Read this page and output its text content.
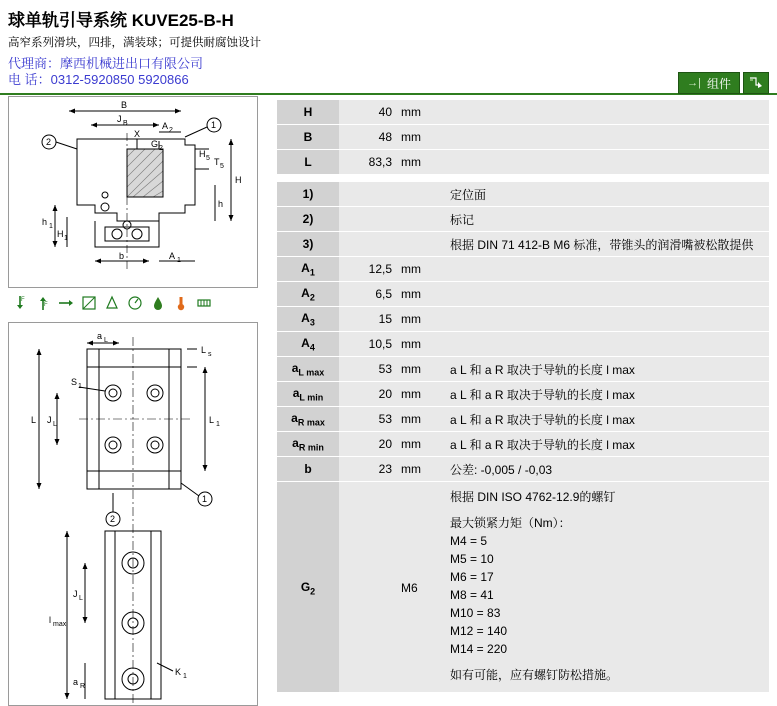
球单轨引导系统 KUVE25-B-H
高窄系列滑块，四排，满装球；可提供耐腐蚀设计
代理商：摩西机械进出口有限公司
电 话：0312-5920850 5920866	→| 组件
B
J B	A 2
1
2
X
G 2
H 5 T 5
H
h
h 1
H 1
b	A 1
F
F
a L
L s
S 1
L J L	L 1
1
2
J L
l max
a R
K 1
H	40	mm	
B	48	mm	
L	83,3	mm	
1)			定位面
2)			标记
3)			根据 DIN 71 412-B M6 标准，带锥头的润滑嘴被松散提供
$A_1$	12,5	mm	
$A_2$	6,5	mm	
$A_3$	15	mm	
$A_4$	10,5	mm	
$a_{L max}$	53	mm	a L 和 a R 取决于导轨的长度 l max
$a_{L min}$	20	mm	a L 和 a R 取决于导轨的长度 l max
$a_{R max}$	53	mm	a L 和 a R 取决于导轨的长度 l max
$a_{R min}$	20	mm	a L 和 a R 取决于导轨的长度 l max
b	23	mm	公差: -0,005 / -0,03
$G_2$		M6	
根据 DIN ISO 4762-12.9的螺钉
最大锁紧力矩（Nm）：
M4 = 5
M5 = 10
M6 = 17
M8 = 41
M10 = 83
M12 = 140
M14 = 220
如有可能，应有螺钉防松措施。
